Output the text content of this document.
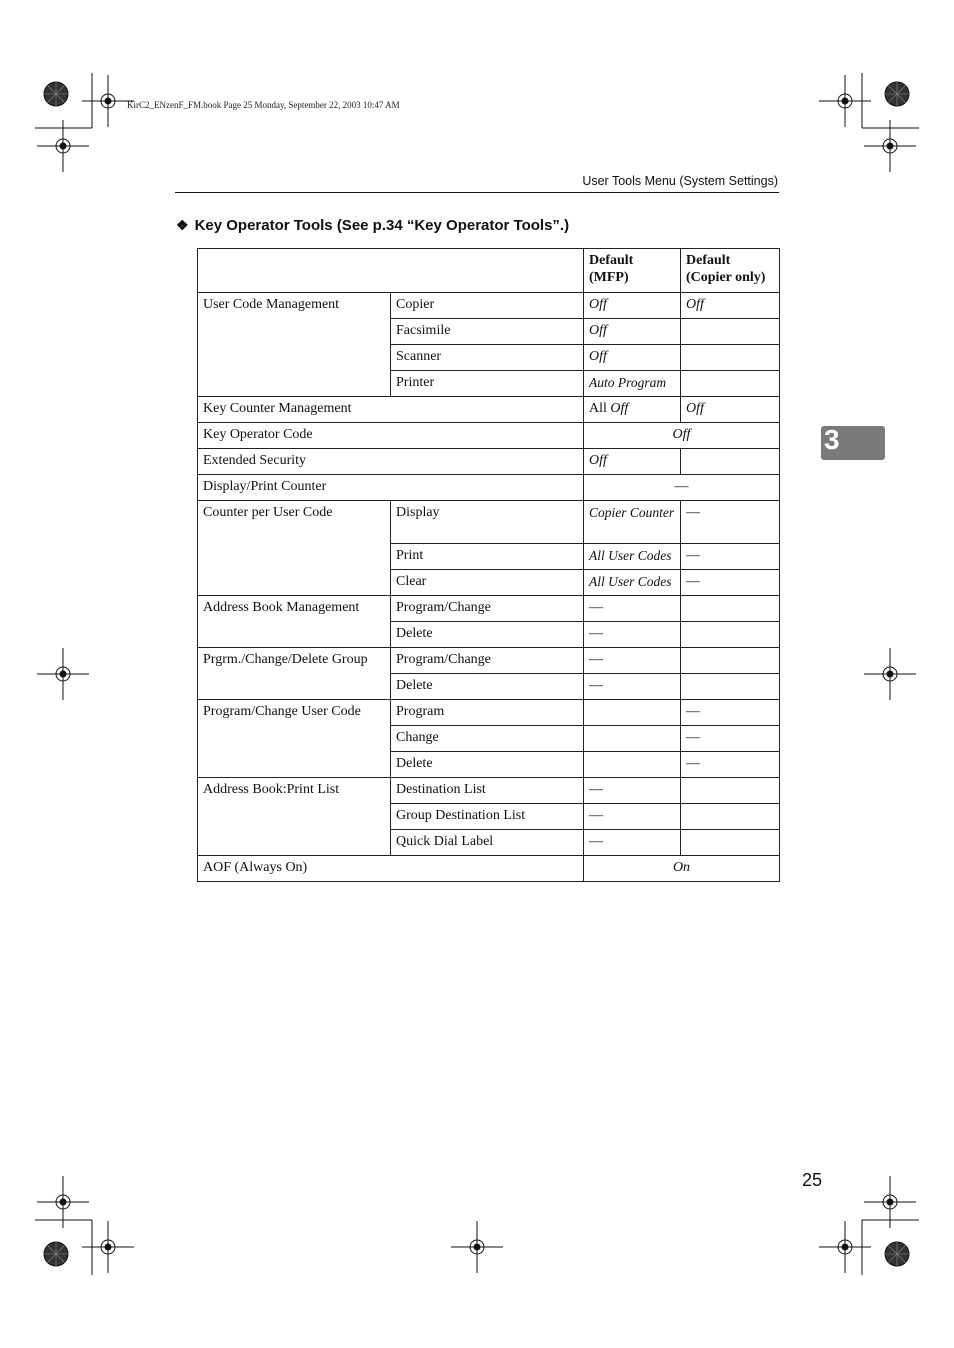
KirC2_ENzenF_FM.book Page 25 Monday, September 22, 2003 10:47 AM
User Tools Menu (System Settings)
❖ Key Operator Tools (See p.34 “Key Operator Tools”.)
		Default (MFP)	Default (Copier only)
User Code Management	Copier	Off	Off
	Facsimile	Off	
	Scanner	Off	
	Printer	Auto Program	
Key Counter Management		All Off	Off
Key Operator Code		Off	
Extended Security		Off	
Display/Print Counter		—	
Counter per User Code	Display	Copier Counter	—
	Print	All User Codes	—
	Clear	All User Codes	—
Address Book Management	Program/Change	—	
	Delete	—	
Prgrm./Change/Delete Group	Program/Change	—	
	Delete	—	
Program/Change User Code	Program		—
	Change		—
	Delete		—
Address Book:Print List	Destination List	—	
	Group Destination List	—	
	Quick Dial Label	—	
AOF (Always On)		On	
3
25
